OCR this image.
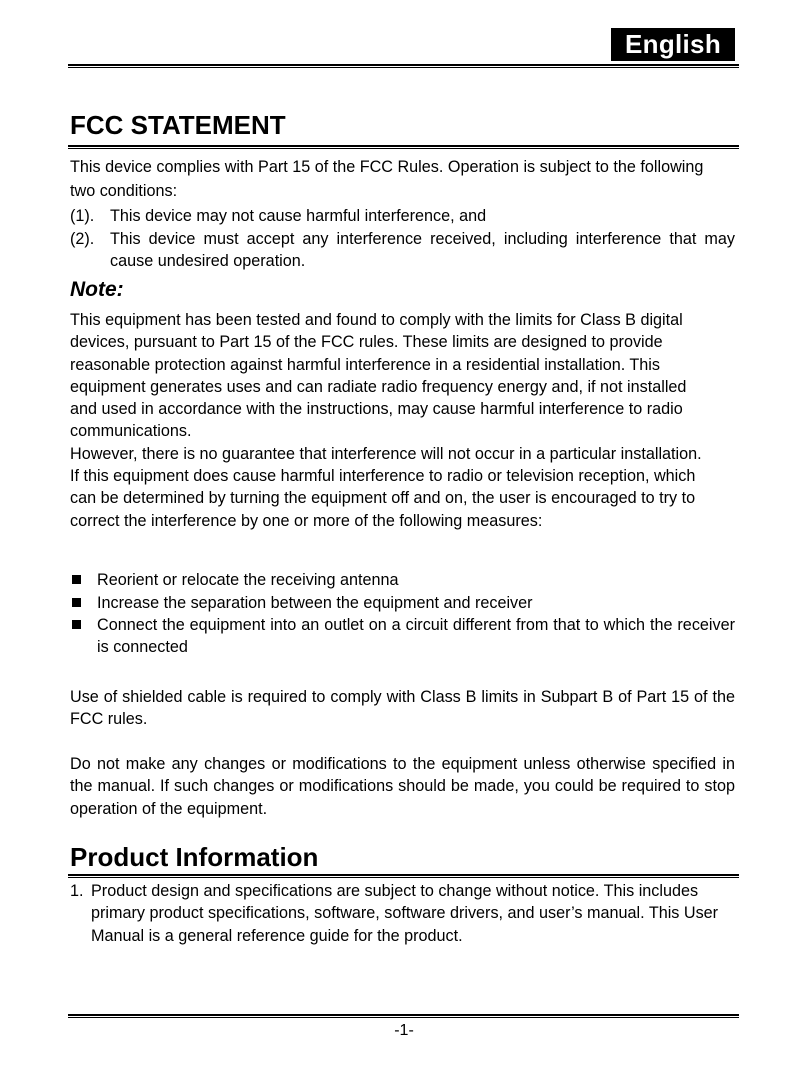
English
FCC STATEMENT
This device complies with Part 15 of the FCC Rules. Operation is subject to the following
two conditions:
(1). This device may not cause harmful interference, and
(2). This device must accept any interference received, including interference that may cause undesired operation.
Note:
This equipment has been tested and found to comply with the limits for Class B digital
devices, pursuant to Part 15 of the FCC rules. These limits are designed to provide
reasonable protection against harmful interference in a residential installation. This
equipment generates uses and can radiate radio frequency energy and, if not installed
and used in accordance with the instructions, may cause harmful interference to radio
communications.
However, there is no guarantee that interference will not occur in a particular installation.
If this equipment does cause harmful interference to radio or television reception, which
can be determined by turning the equipment off and on, the user is encouraged to try to
correct the interference by one or more of the following measures:
Reorient or relocate the receiving antenna
Increase the separation between the equipment and receiver
Connect the equipment into an outlet on a circuit different from that to which the receiver is connected
Use of shielded cable is required to comply with Class B limits in Subpart B of Part 15 of the FCC rules.
Do not make any changes or modifications to the equipment unless otherwise specified in the manual. If such changes or modifications should be made, you could be required to stop operation of the equipment.
Product Information
1. Product design and specifications are subject to change without notice. This includes
primary product specifications, software, software drivers, and user’s manual. This User
Manual is a general reference guide for the product.
-1-
